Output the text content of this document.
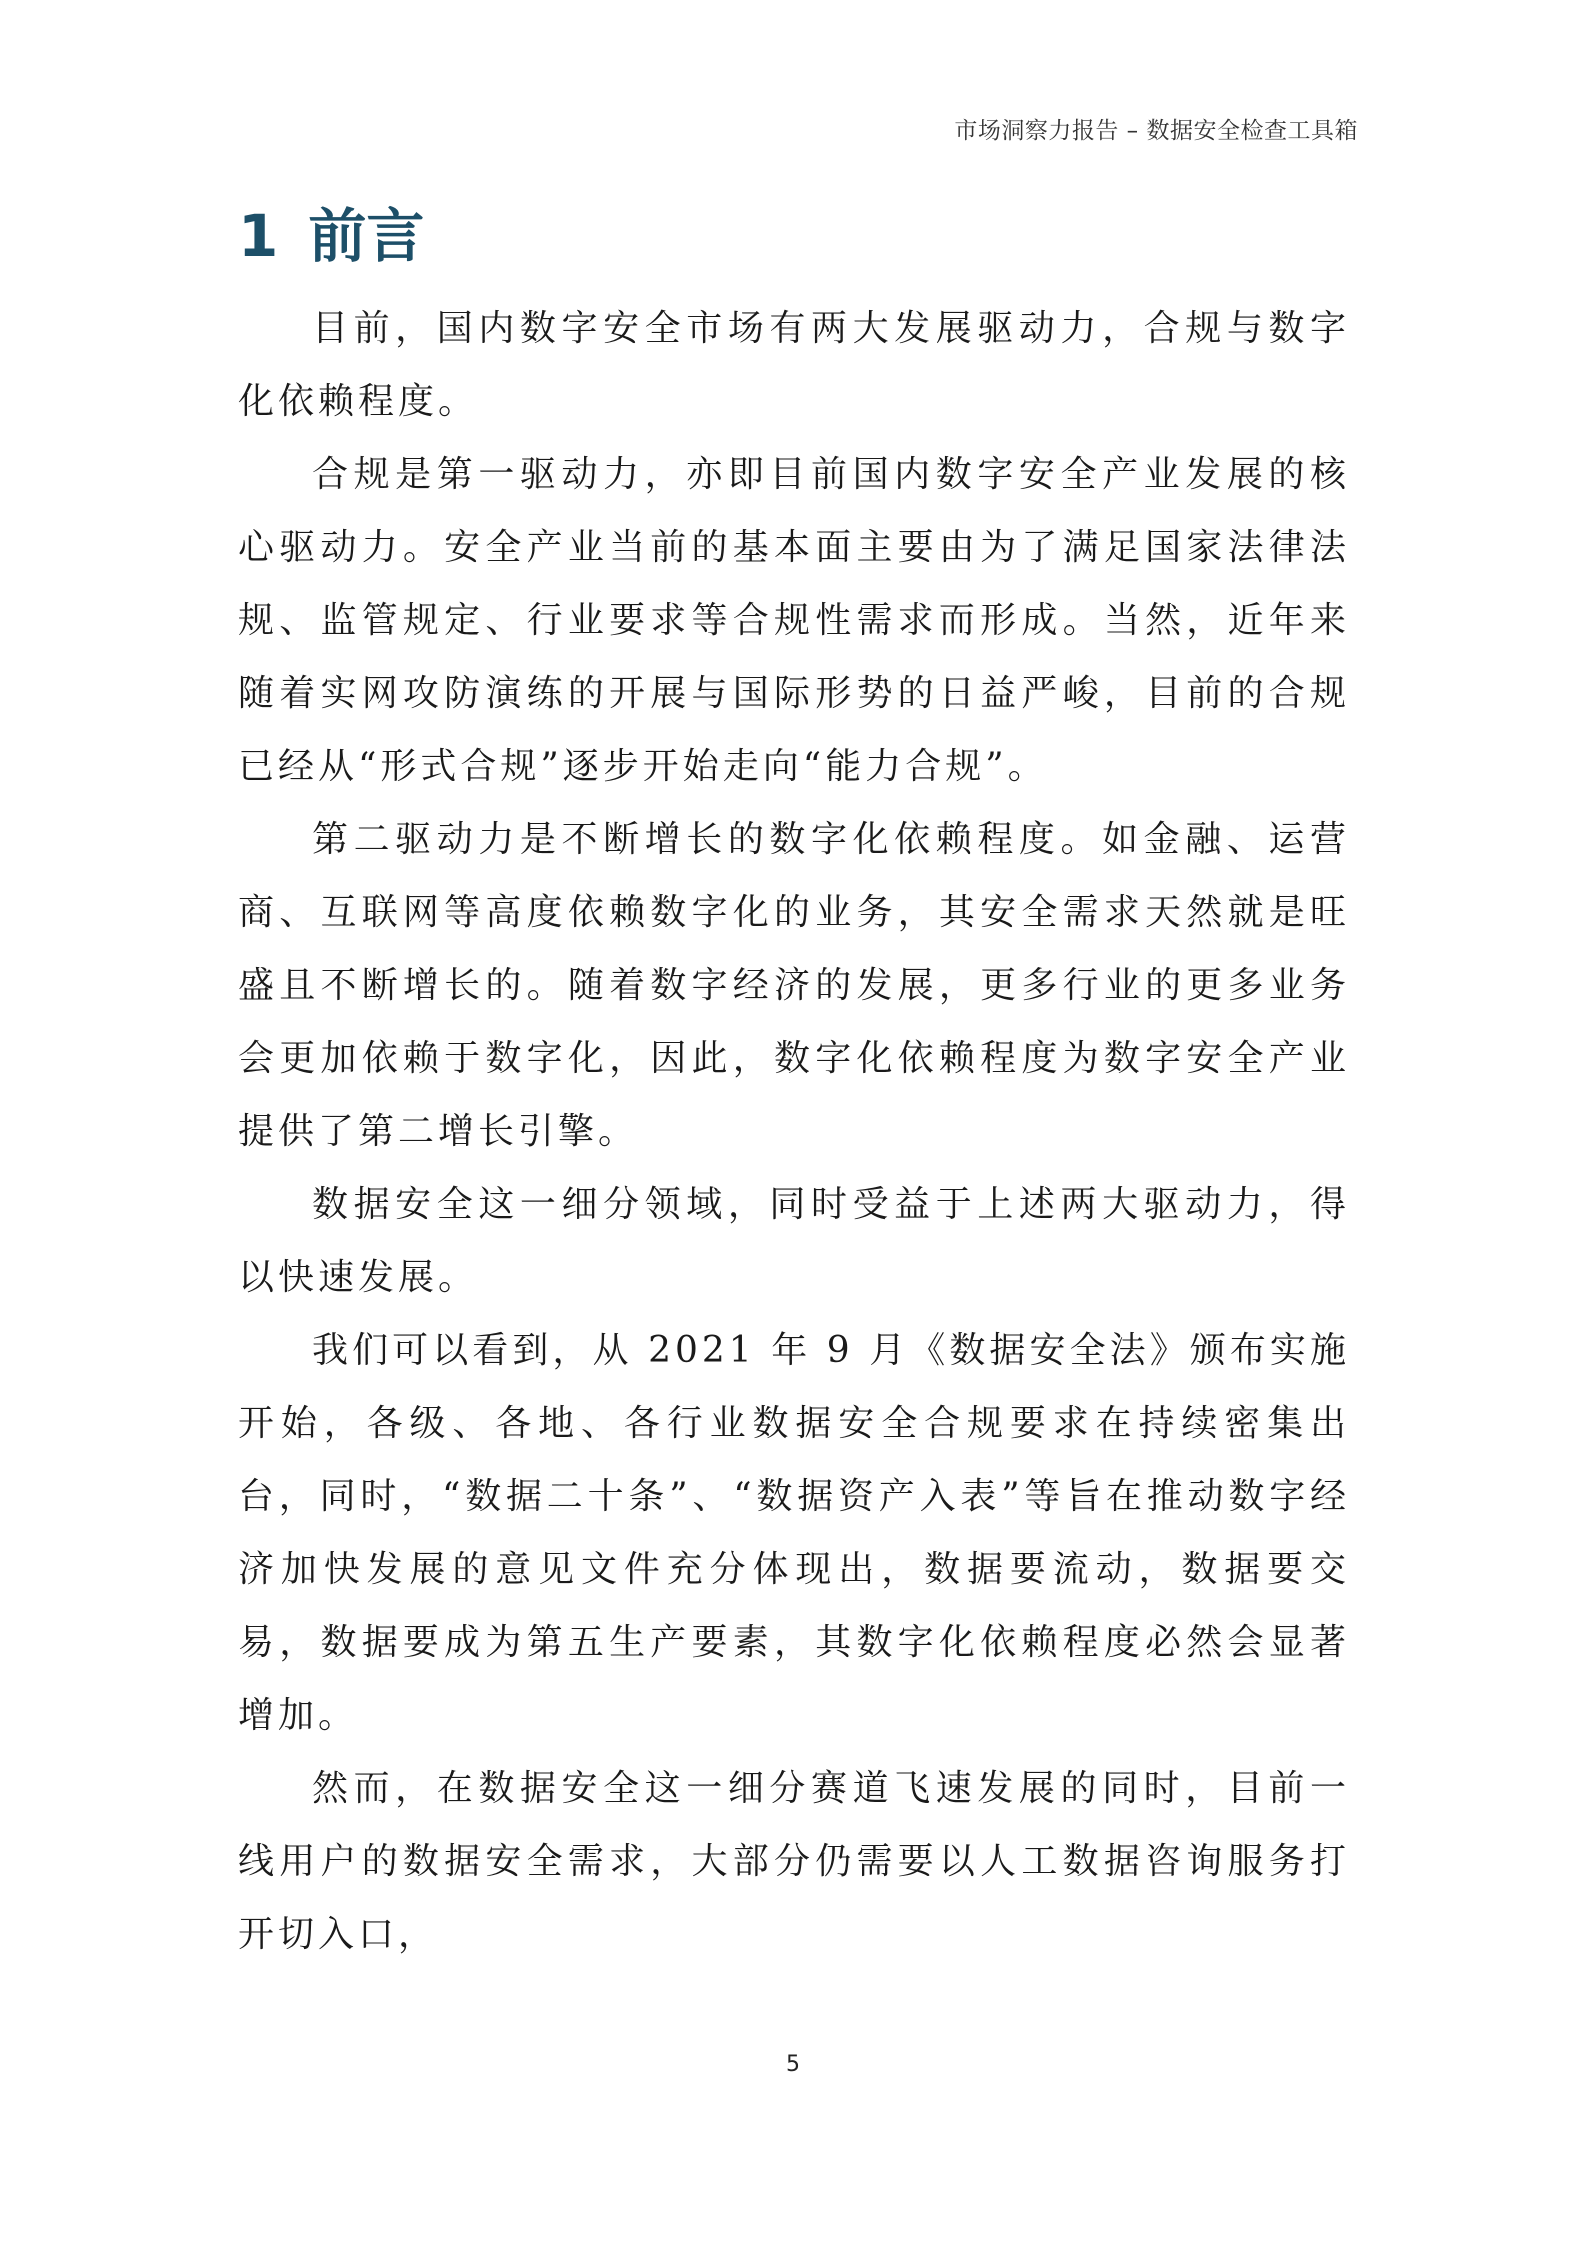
市场洞察力报告 – 数据安全检查工具箱
1 前言

目前，国内数字安全市场有两大发展驱动力，合规与数字化依赖程度。

合规是第一驱动力，亦即目前国内数字安全产业发展的核心驱动力。安全产业当前的基本面主要由为了满足国家法律法规、监管规定、行业要求等合规性需求而形成。当然，近年来随着实网攻防演练的开展与国际形势的日益严峻，目前的合规已经从“形式合规”逐步开始走向“能力合规”。

第二驱动力是不断增长的数字化依赖程度。如金融、运营商、互联网等高度依赖数字化的业务，其安全需求天然就是旺盛且不断增长的。随着数字经济的发展，更多行业的更多业务会更加依赖于数字化，因此，数字化依赖程度为数字安全产业提供了第二增长引擎。

数据安全这一细分领域，同时受益于上述两大驱动力，得以快速发展。

我们可以看到，从 2021 年 9 月《数据安全法》颁布实施开始，各级、各地、各行业数据安全合规要求在持续密集出台，同时，“数据二十条”、“数据资产入表”等旨在推动数字经济加快发展的意见文件充分体现出，数据要流动，数据要交易，数据要成为第五生产要素，其数字化依赖程度必然会显著增加。

然而，在数据安全这一细分赛道飞速发展的同时，目前一线用户的数据安全需求，大部分仍需要以人工数据咨询服务打开切入口，

5
